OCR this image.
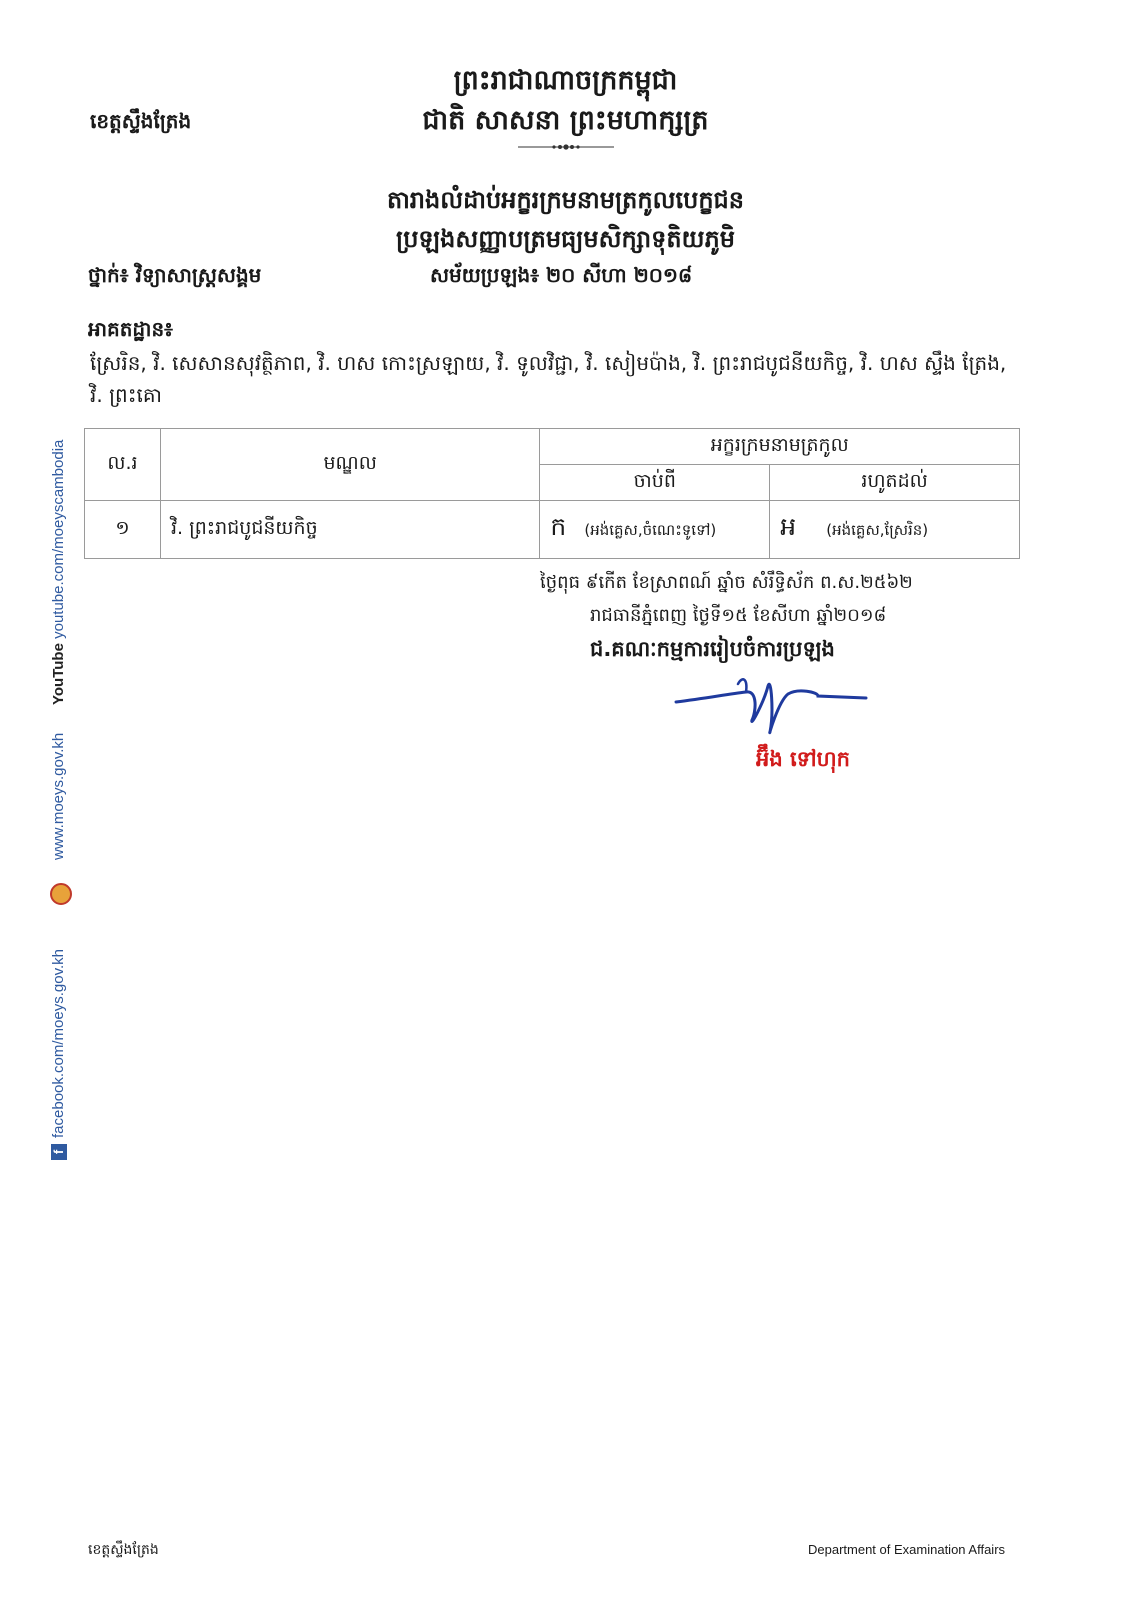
ព្រះរាជាណាចក្រកម្ពុជា
ជាតិ សាសនា ព្រះមហាក្សត្រ
ខេត្តស្ទឹងត្រែង
តារាងលំដាប់អក្ខរក្រមនាមត្រកូលបេក្ខជន
ប្រឡងសញ្ញាបត្រមធ្យមសិក្សាទុតិយភូមិ
ថ្នាក់៖ វិទ្យាសាស្ត្រសង្គម	សម័យប្រឡង៖ ២០ សីហា ២០១៨
អាគតដ្ឋាន៖
ស្រែរិន, វិ. សេសានសុវត្ថិភាព, វិ. ហស កោះស្រឡាយ, វិ. ទូលវិជ្ជា, វិ. សៀមប៉ាង, វិ. ព្រះរាជបូជនីយកិច្ច, វិ. ហស ស្ទឹង ត្រែង, វិ. ព្រះគោ
ល.រ	មណ្ឌល	អក្ខរក្រមនាមត្រកូល	
		ចាប់ពី	រហូតដល់
១	វិ. ព្រះរាជបូជនីយកិច្ច	ក (អង់គ្លេស,ចំណេះទូទៅ)	អ (អង់គ្លេស,ស្រែរិន)
ថ្ងៃពុធ ៩កើត ខែស្រាពណ៍ ឆ្នាំច សំរឹទ្ធិស័ក ព.ស.២៥៦២
រាជធានីភ្នំពេញ ថ្ងៃទី១៥ ខែសីហា ឆ្នាំ២០១៨
ជ.គណៈកម្មការរៀបចំការប្រឡង
អ៊ឹង ទៅហុក
ffacebook.com/moeys.gov.kh
www.moeys.gov.kh
YouTube youtube.com/moeyscambodia
ខេត្តស្ទឹងត្រែង	Department of Examination Affairs
